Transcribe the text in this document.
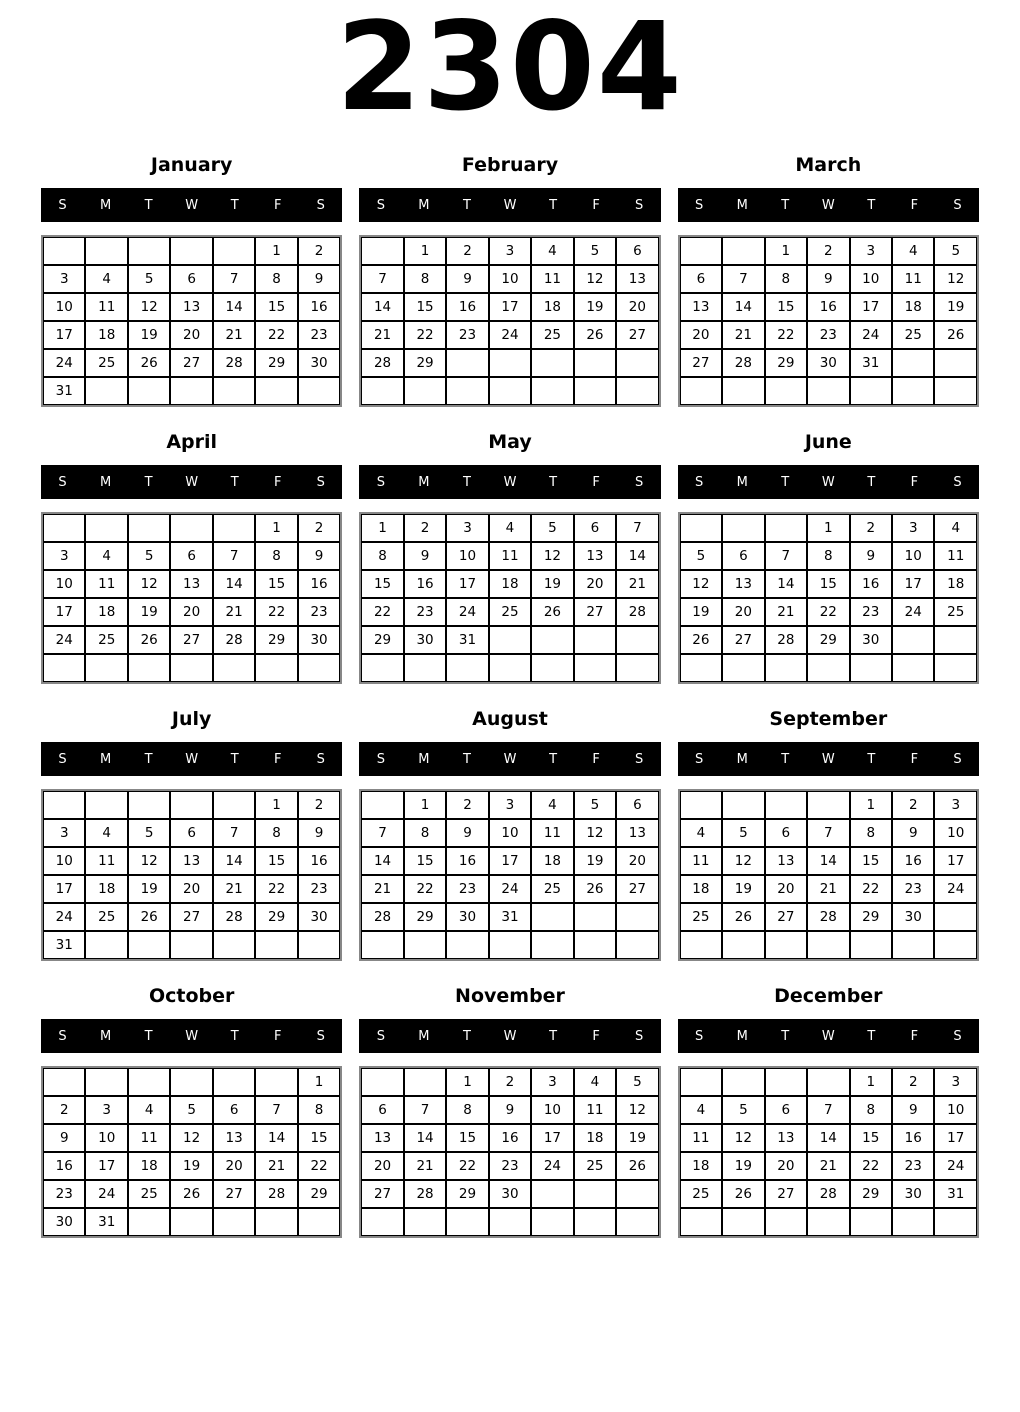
2304
January
S	M	T	W	T	F	S
					1	2
3	4	5	6	7	8	9
10	11	12	13	14	15	16
17	18	19	20	21	22	23
24	25	26	27	28	29	30
31						
February
S	M	T	W	T	F	S
	1	2	3	4	5	6
7	8	9	10	11	12	13
14	15	16	17	18	19	20
21	22	23	24	25	26	27
28	29					

March
S	M	T	W	T	F	S
		1	2	3	4	5
6	7	8	9	10	11	12
13	14	15	16	17	18	19
20	21	22	23	24	25	26
27	28	29	30	31		

April
S	M	T	W	T	F	S
					1	2
3	4	5	6	7	8	9
10	11	12	13	14	15	16
17	18	19	20	21	22	23
24	25	26	27	28	29	30

May
S	M	T	W	T	F	S
1	2	3	4	5	6	7
8	9	10	11	12	13	14
15	16	17	18	19	20	21
22	23	24	25	26	27	28
29	30	31				

June
S	M	T	W	T	F	S
			1	2	3	4
5	6	7	8	9	10	11
12	13	14	15	16	17	18
19	20	21	22	23	24	25
26	27	28	29	30		

July
S	M	T	W	T	F	S
					1	2
3	4	5	6	7	8	9
10	11	12	13	14	15	16
17	18	19	20	21	22	23
24	25	26	27	28	29	30
31						
August
S	M	T	W	T	F	S
	1	2	3	4	5	6
7	8	9	10	11	12	13
14	15	16	17	18	19	20
21	22	23	24	25	26	27
28	29	30	31			

September
S	M	T	W	T	F	S
				1	2	3
4	5	6	7	8	9	10
11	12	13	14	15	16	17
18	19	20	21	22	23	24
25	26	27	28	29	30	

October
S	M	T	W	T	F	S
						1
2	3	4	5	6	7	8
9	10	11	12	13	14	15
16	17	18	19	20	21	22
23	24	25	26	27	28	29
30	31					
November
S	M	T	W	T	F	S
		1	2	3	4	5
6	7	8	9	10	11	12
13	14	15	16	17	18	19
20	21	22	23	24	25	26
27	28	29	30			

December
S	M	T	W	T	F	S
				1	2	3
4	5	6	7	8	9	10
11	12	13	14	15	16	17
18	19	20	21	22	23	24
25	26	27	28	29	30	31
